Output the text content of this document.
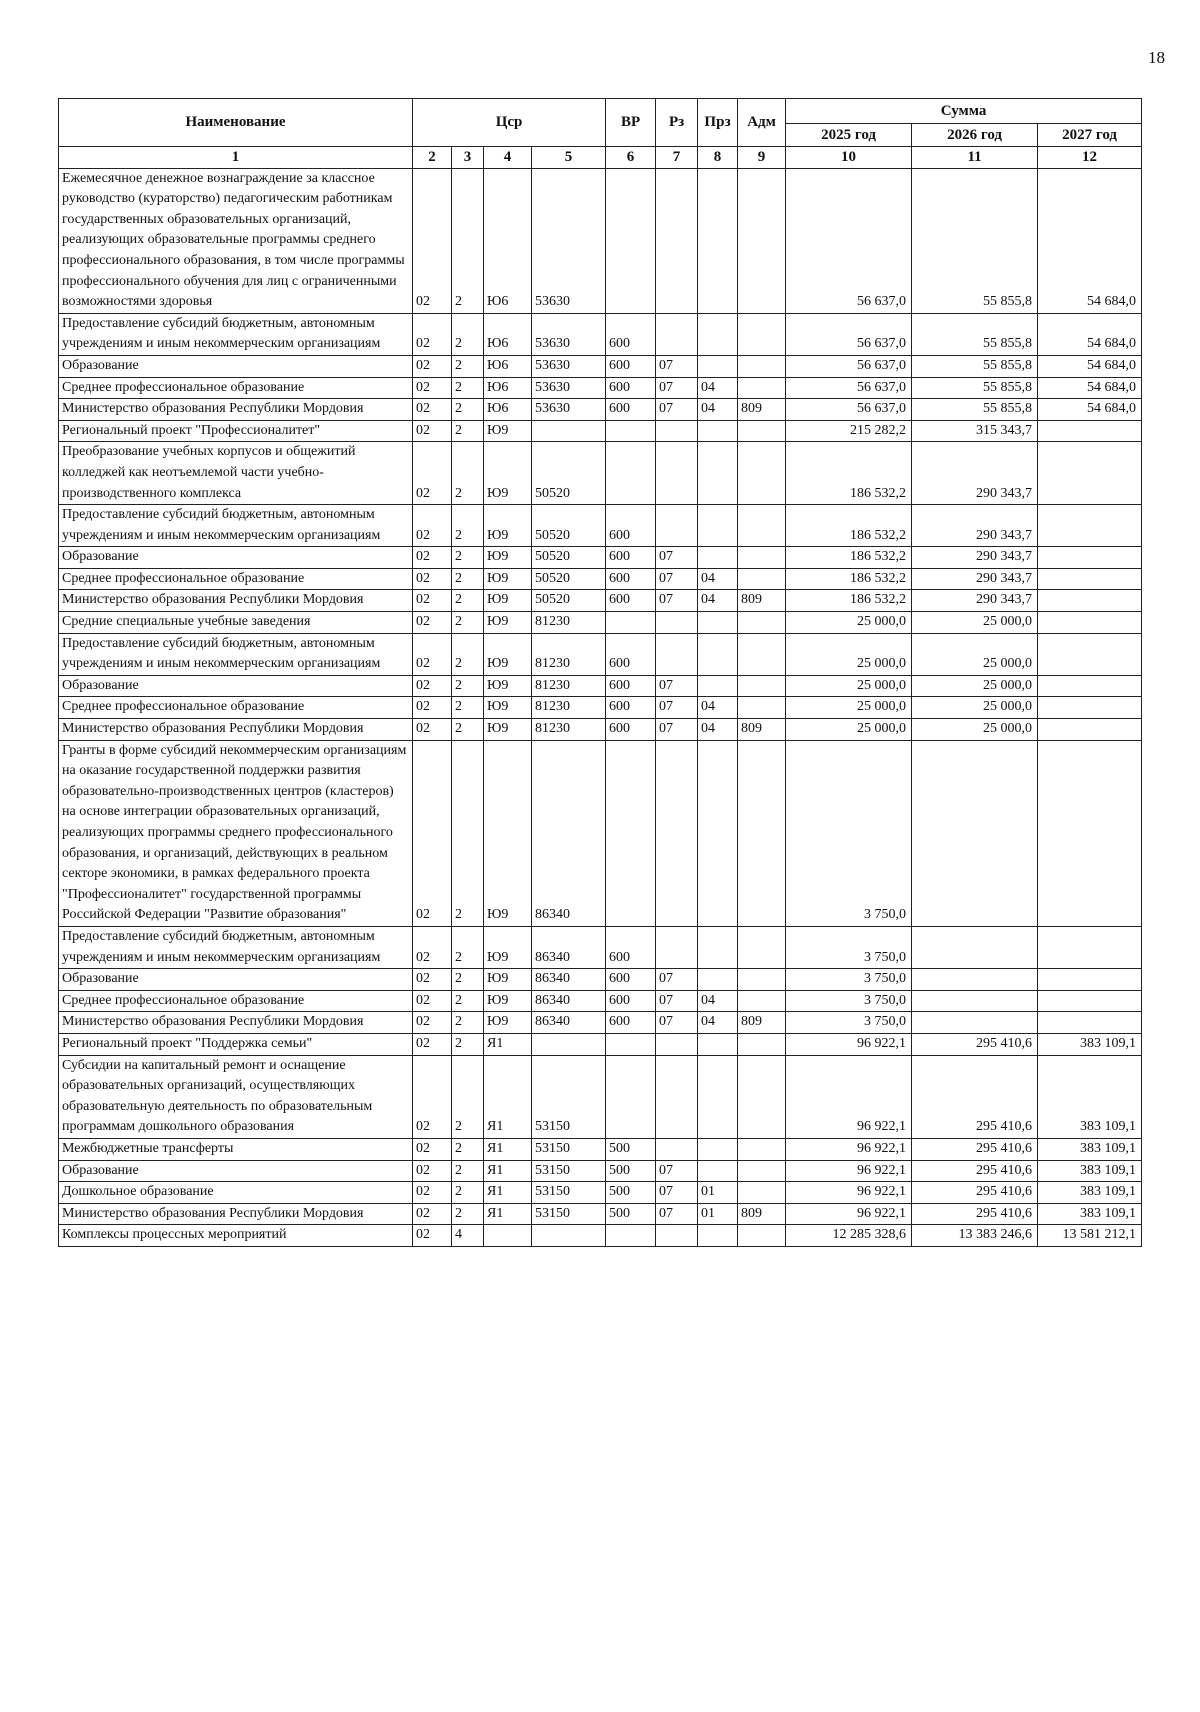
18
Наименование	Цср				ВР	Рз	Прз	Адм	Сумма		
									2025 год	2026 год	2027 год
1	2	3	4	5	6	7	8	9	10	11	12
Ежемесячное денежное вознаграждение за классное руководство (кураторство) педагогическим работникам государственных образовательных организаций, реализующих образовательные программы среднего профессионального образования, в том числе программы профессионального обучения для лиц с ограниченными возможностями здоровья	02	2	Ю6	53630					56 637,0	55 855,8	54 684,0
Предоставление субсидий бюджетным, автономным учреждениям и иным некоммерческим организациям	02	2	Ю6	53630	600				56 637,0	55 855,8	54 684,0
Образование	02	2	Ю6	53630	600	07			56 637,0	55 855,8	54 684,0
Среднее профессиональное образование	02	2	Ю6	53630	600	07	04		56 637,0	55 855,8	54 684,0
Министерство образования Республики Мордовия	02	2	Ю6	53630	600	07	04	809	56 637,0	55 855,8	54 684,0
Региональный проект "Профессионалитет"	02	2	Ю9						215 282,2	315 343,7	
Преобразование учебных корпусов и общежитий колледжей как неотъемлемой части учебно-производственного комплекса	02	2	Ю9	50520					186 532,2	290 343,7	
Предоставление субсидий бюджетным, автономным учреждениям и иным некоммерческим организациям	02	2	Ю9	50520	600				186 532,2	290 343,7	
Образование	02	2	Ю9	50520	600	07			186 532,2	290 343,7	
Среднее профессиональное образование	02	2	Ю9	50520	600	07	04		186 532,2	290 343,7	
Министерство образования Республики Мордовия	02	2	Ю9	50520	600	07	04	809	186 532,2	290 343,7	
Средние специальные учебные заведения	02	2	Ю9	81230					25 000,0	25 000,0	
Предоставление субсидий бюджетным, автономным учреждениям и иным некоммерческим организациям	02	2	Ю9	81230	600				25 000,0	25 000,0	
Образование	02	2	Ю9	81230	600	07			25 000,0	25 000,0	
Среднее профессиональное образование	02	2	Ю9	81230	600	07	04		25 000,0	25 000,0	
Министерство образования Республики Мордовия	02	2	Ю9	81230	600	07	04	809	25 000,0	25 000,0	
Гранты в форме субсидий некоммерческим организациям на оказание государственной поддержки развития образовательно-производственных центров (кластеров) на основе интеграции образовательных организаций, реализующих программы среднего профессионального образования, и организаций, действующих в реальном секторе экономики, в рамках федерального проекта "Профессионалитет" государственной программы Российской Федерации "Развитие образования"	02	2	Ю9	86340					3 750,0		
Предоставление субсидий бюджетным, автономным учреждениям и иным некоммерческим организациям	02	2	Ю9	86340	600				3 750,0		
Образование	02	2	Ю9	86340	600	07			3 750,0		
Среднее профессиональное образование	02	2	Ю9	86340	600	07	04		3 750,0		
Министерство образования Республики Мордовия	02	2	Ю9	86340	600	07	04	809	3 750,0		
Региональный проект "Поддержка семьи"	02	2	Я1						96 922,1	295 410,6	383 109,1
Субсидии на капитальный ремонт и оснащение образовательных организаций, осуществляющих образовательную деятельность по образовательным программам дошкольного образования	02	2	Я1	53150					96 922,1	295 410,6	383 109,1
Межбюджетные трансферты	02	2	Я1	53150	500				96 922,1	295 410,6	383 109,1
Образование	02	2	Я1	53150	500	07			96 922,1	295 410,6	383 109,1
Дошкольное образование	02	2	Я1	53150	500	07	01		96 922,1	295 410,6	383 109,1
Министерство образования Республики Мордовия	02	2	Я1	53150	500	07	01	809	96 922,1	295 410,6	383 109,1
Комплексы процессных мероприятий	02	4							12 285 328,6	13 383 246,6	13 581 212,1
